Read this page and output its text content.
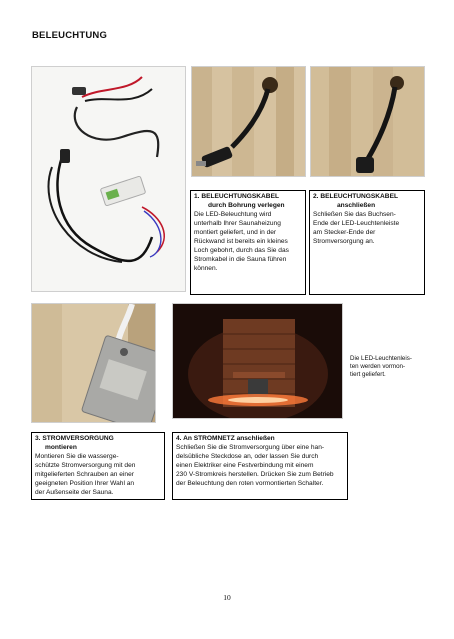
BELEUCHTUNG
1. BELEUCHTUNGSKABEL
durch Bohrung verlegen
Die LED-Beleuchtung wird
unterhalb Ihrer Saunaheizung
montiert geliefert, und in der
Rückwand ist bereits ein kleines
Loch gebohrt, durch das Sie das
Stromkabel in die Sauna führen
können.
2. BELEUCHTUNGSKABEL
anschließen
Schließen Sie das Buchsen-
Ende der LED-Leuchtenleiste
am Stecker-Ende der
Stromversorgung an.
Die LED-Leuchtenleis-
ten werden vormon-
tiert geliefert.
3. STROMVERSORGUNG
montieren
Montieren Sie die wasserge-
schützte Stromversorgung mit den
mitgelieferten Schrauben an einer
geeigneten Position Ihrer Wahl an
der Außenseite der Sauna.
4. An STROMNETZ anschließen
Schließen Sie die Stromversorgung über eine han-
delsübliche Steckdose an, oder lassen Sie durch
einen Elektriker eine Festverbindung mit einem
230 V-Stromkreis herstellen. Drücken Sie zum Betrieb
der Beleuchtung den roten vormontierten Schalter.
10
